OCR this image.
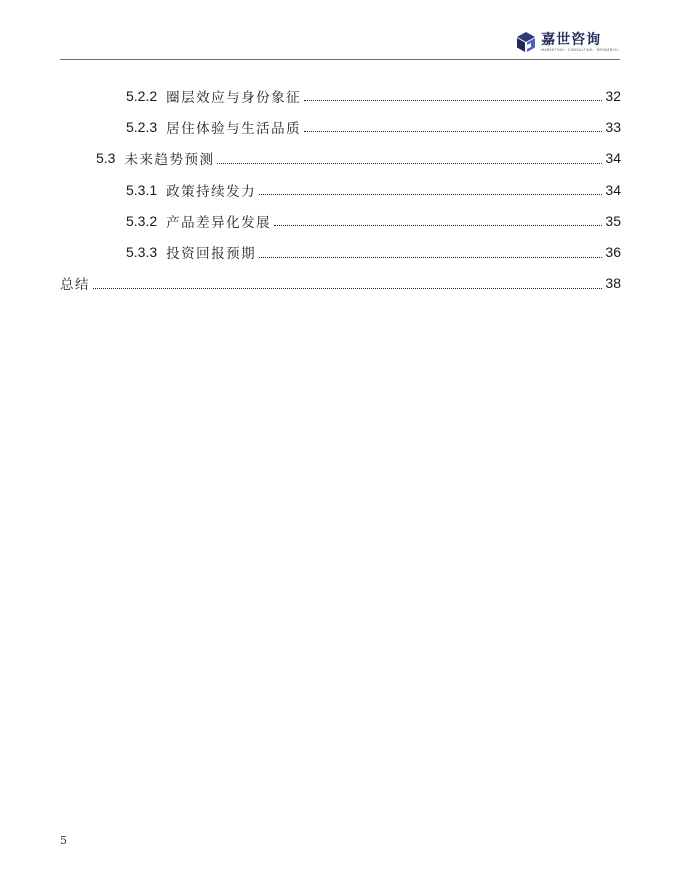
嘉世咨询
MARKETING · CONSULTING · RESEARCH
5.2.2 圈层效应与身份象征	32
5.2.3 居住体验与生活品质	33
5.3 未来趋势预测	34
5.3.1 政策持续发力	34
5.3.2 产品差异化发展	35
5.3.3 投资回报预期	36
总结	38
5
